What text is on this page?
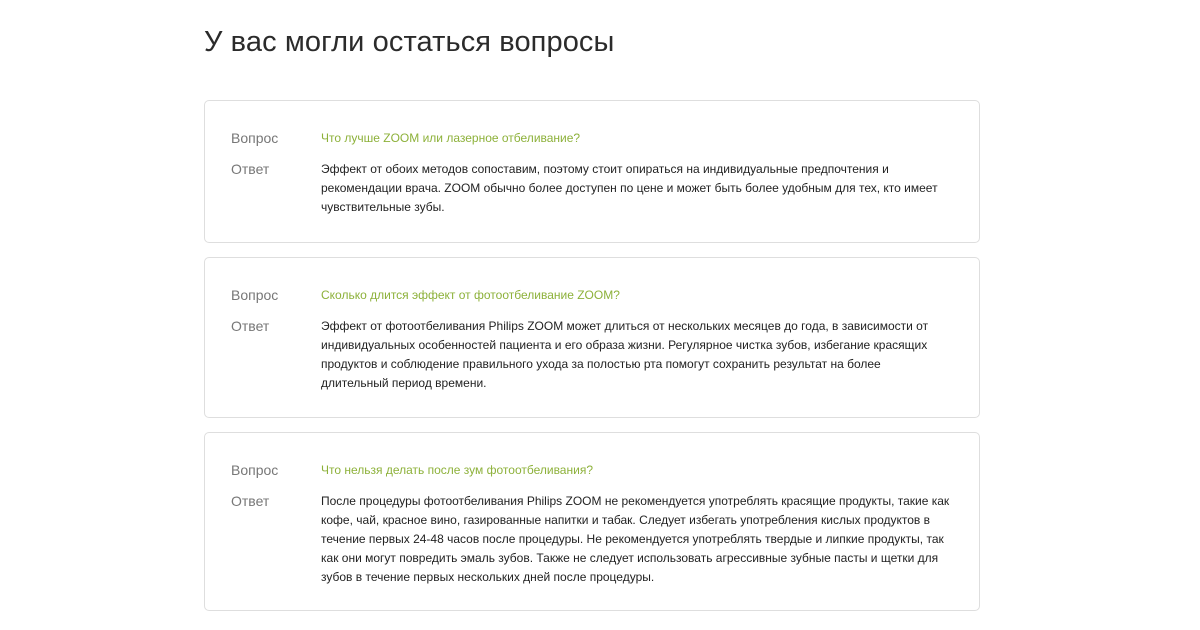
У вас могли остаться вопросы
Вопрос	Что лучше ZOOM или лазерное отбеливание?
Ответ	Эффект от обоих методов сопоставим, поэтому стоит опираться на индивидуальные предпочтения и рекомендации врача. ZOOM обычно более доступен по цене и может быть более удобным для тех, кто имеет чувствительные зубы.
Вопрос	Сколько длится эффект от фотоотбеливание ZOOM?
Ответ	Эффект от фотоотбеливания Philips ZOOM может длиться от нескольких месяцев до года, в зависимости от индивидуальных особенностей пациента и его образа жизни. Регулярное чистка зубов, избегание красящих продуктов и соблюдение правильного ухода за полостью рта помогут сохранить результат на более длительный период времени.
Вопрос	Что нельзя делать после зум фотоотбеливания?
Ответ	После процедуры фотоотбеливания Philips ZOOM не рекомендуется употреблять красящие продукты, такие как кофе, чай, красное вино, газированные напитки и табак. Следует избегать употребления кислых продуктов в течение первых 24-48 часов после процедуры. Не рекомендуется употреблять твердые и липкие продукты, так как они могут повредить эмаль зубов. Также не следует использовать агрессивные зубные пасты и щетки для зубов в течение первых нескольких дней после процедуры.
